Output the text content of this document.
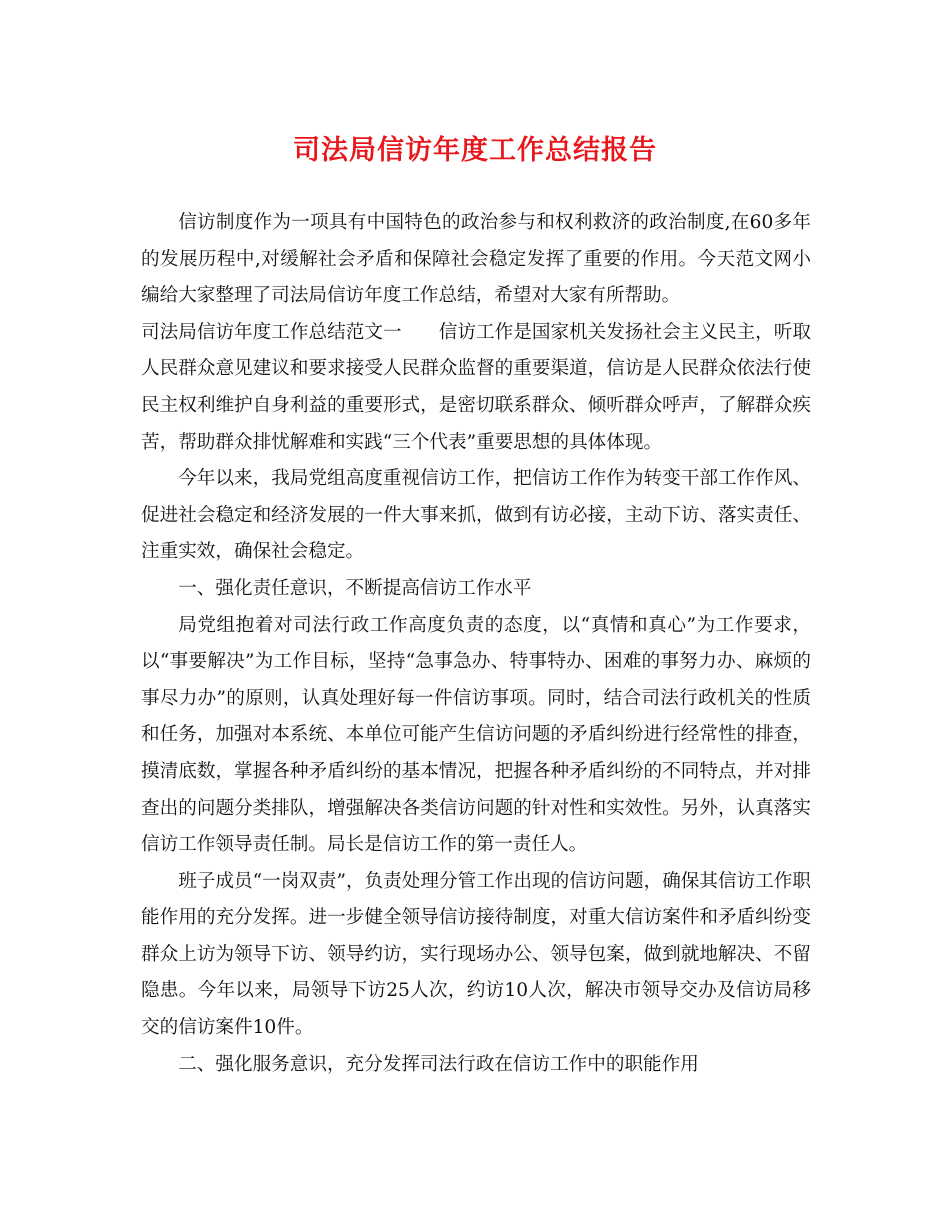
司法局信访年度工作总结报告

信访制度作为一项具有中国特色的政治参与和权利救济的政治制度,在60多年的发展历程中,对缓解社会矛盾和保障社会稳定发挥了重要的作用。今天范文网小编给大家整理了司法局信访年度工作总结，希望对大家有所帮助。

司法局信访年度工作总结范文一　　信访工作是国家机关发扬社会主义民主，听取人民群众意见建议和要求接受人民群众监督的重要渠道，信访是人民群众依法行使民主权利维护自身利益的重要形式，是密切联系群众、倾听群众呼声，了解群众疾苦，帮助群众排忧解难和实践“三个代表”重要思想的具体体现。

今年以来，我局党组高度重视信访工作，把信访工作作为转变干部工作作风、促进社会稳定和经济发展的一件大事来抓，做到有访必接，主动下访、落实责任、注重实效，确保社会稳定。

一、强化责任意识，不断提高信访工作水平

局党组抱着对司法行政工作高度负责的态度，以“真情和真心”为工作要求，以“事要解决”为工作目标，坚持“急事急办、特事特办、困难的事努力办、麻烦的事尽力办”的原则，认真处理好每一件信访事项。同时，结合司法行政机关的性质和任务，加强对本系统、本单位可能产生信访问题的矛盾纠纷进行经常性的排查，摸清底数，掌握各种矛盾纠纷的基本情况，把握各种矛盾纠纷的不同特点，并对排查出的问题分类排队，增强解决各类信访问题的针对性和实效性。另外，认真落实信访工作领导责任制。局长是信访工作的第一责任人。

班子成员“一岗双责”，负责处理分管工作出现的信访问题，确保其信访工作职能作用的充分发挥。进一步健全领导信访接待制度，对重大信访案件和矛盾纠纷变群众上访为领导下访、领导约访，实行现场办公、领导包案，做到就地解决、不留隐患。今年以来，局领导下访25人次，约访10人次，解决市领导交办及信访局移交的信访案件10件。

二、强化服务意识，充分发挥司法行政在信访工作中的职能作用
